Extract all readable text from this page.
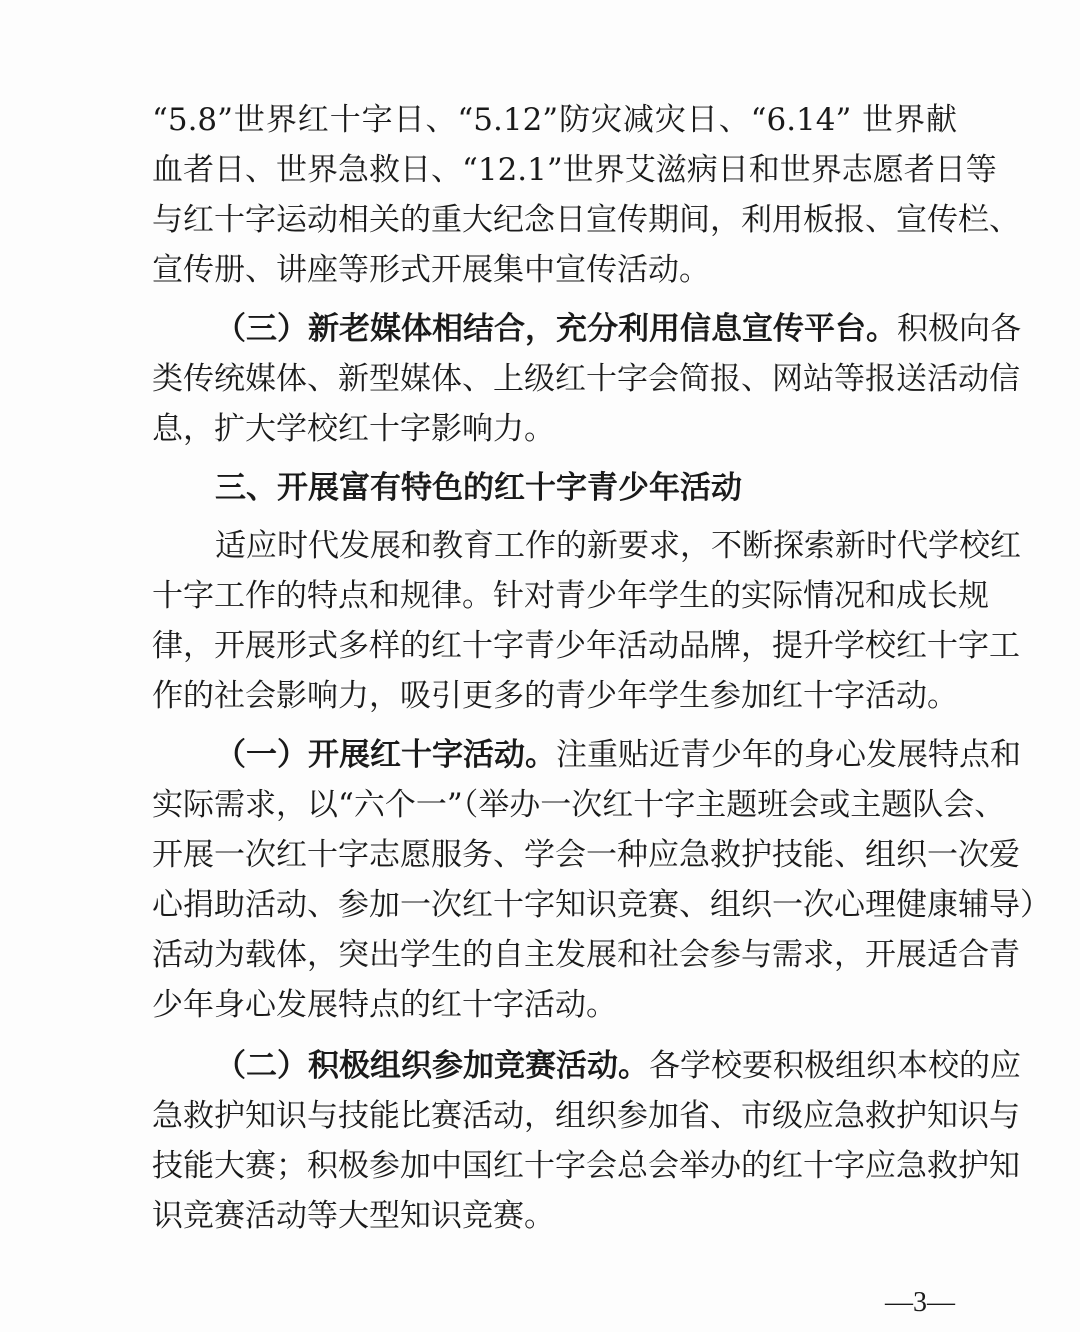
“5.8”世界红十字日、“5.12”防灾减灾日、“6.14” 世界献
血者日、世界急救日、“12.1”世界艾滋病日和世界志愿者日等
与红十字运动相关的重大纪念日宣传期间，利用板报、宣传栏、
宣传册、讲座等形式开展集中宣传活动。
（三）新老媒体相结合，充分利用信息宣传平台。积极向各
类传统媒体、新型媒体、上级红十字会简报、网站等报送活动信
息，扩大学校红十字影响力。
三、开展富有特色的红十字青少年活动
适应时代发展和教育工作的新要求，不断探索新时代学校红
十字工作的特点和规律。针对青少年学生的实际情况和成长规
律，开展形式多样的红十字青少年活动品牌，提升学校红十字工
作的社会影响力，吸引更多的青少年学生参加红十字活动。
（一）开展红十字活动。注重贴近青少年的身心发展特点和
实际需求，以“六个一”（举办一次红十字主题班会或主题队会、
开展一次红十字志愿服务、学会一种应急救护技能、组织一次爱
心捐助活动、参加一次红十字知识竞赛、组织一次心理健康辅导）
活动为载体，突出学生的自主发展和社会参与需求，开展适合青
少年身心发展特点的红十字活动。
（二）积极组织参加竞赛活动。各学校要积极组织本校的应
急救护知识与技能比赛活动，组织参加省、市级应急救护知识与
技能大赛；积极参加中国红十字会总会举办的红十字应急救护知
识竞赛活动等大型知识竞赛。
—3—
